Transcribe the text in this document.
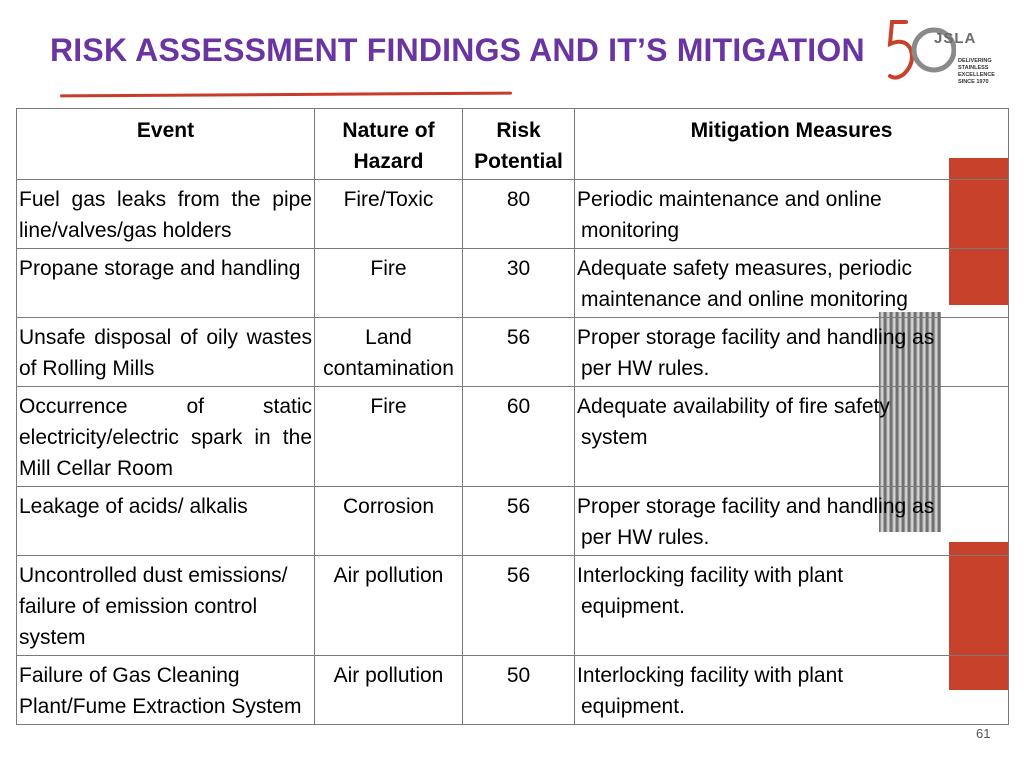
RISK ASSESSMENT FINDINGS AND IT’S MITIGATION	JSLA
DELIVERING
STAINLESS EXCELLENCE
SINCE 1970
Event	Nature of Hazard	Risk Potential	Mitigation Measures
Fuel gas leaks from the pipe line/valves/gas holders	Fire/Toxic	80	Periodic maintenance and online
monitoring

Propane storage and handling	Fire	30	Adequate safety measures, periodic
maintenance and online monitoring

Unsafe disposal of oily wastes of Rolling Mills	Land contamination	56	Proper storage facility and handling as
per HW rules.

Occurrence of static electricity/electric spark in the Mill Cellar Room	Fire	60	Adequate availability of fire safety
system

Leakage of acids/ alkalis	Corrosion	56	Proper storage facility and handling as
per HW rules.

Uncontrolled dust emissions/ failure of emission control system	Air pollution	56	Interlocking facility with plant
equipment.

Failure of Gas Cleaning Plant/Fume Extraction System	Air pollution	50	Interlocking facility with plant
equipment.
61
